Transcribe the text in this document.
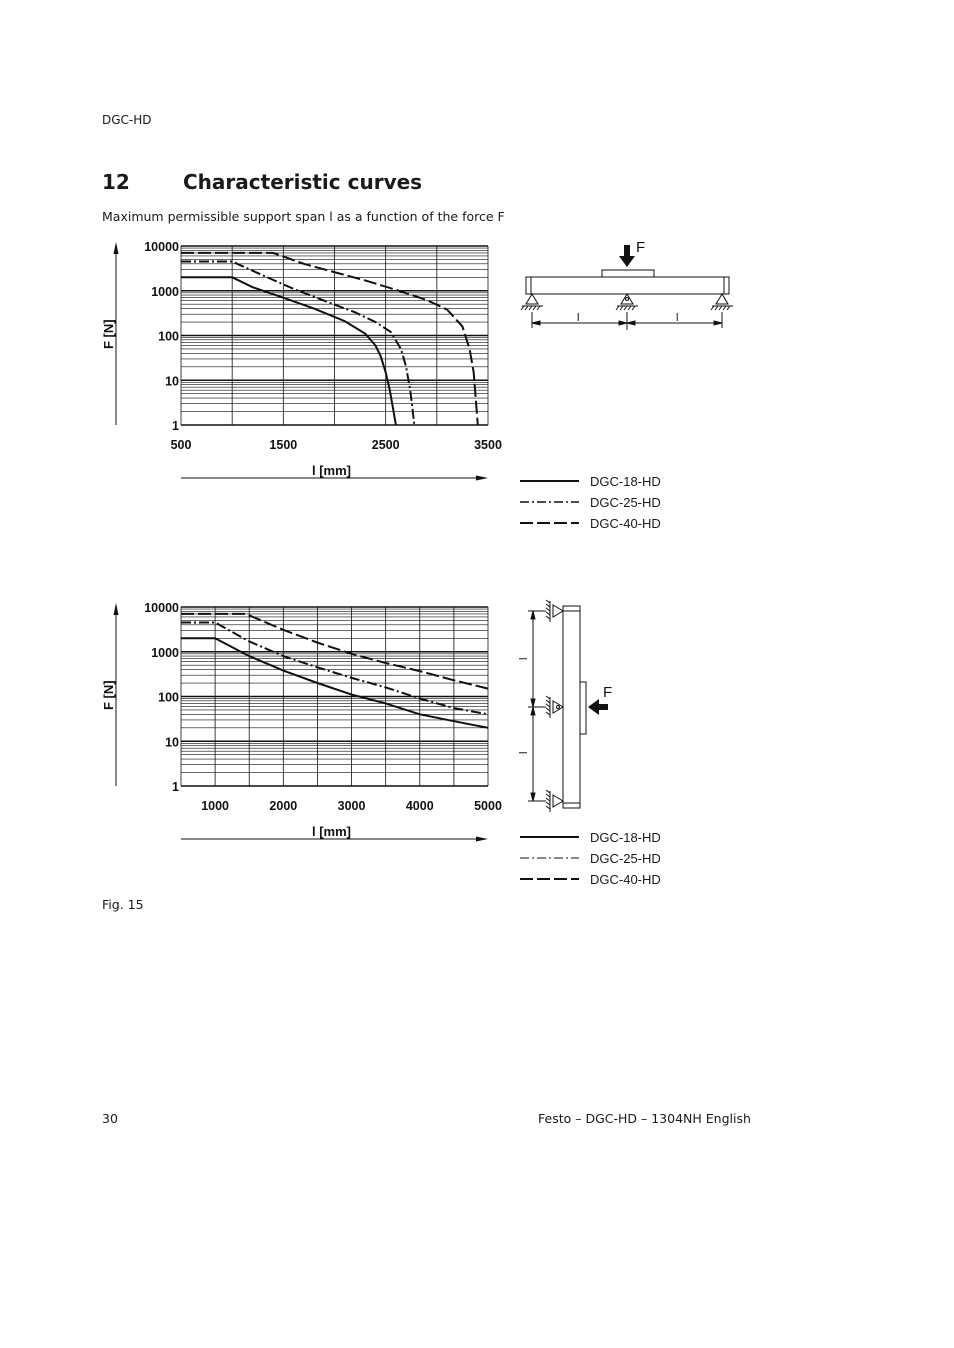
DGC-HD
12	Characteristic curves
Maximum permissible support span l as a function of the force F
1
10
100
1000
10000
500	1500	2500	3500
l [mm]
F [N]
1
10
100
1000
10000
1000	2000	3000	4000	5000
l [mm]
F [N]
DGC-18-HD
DGC-25-HD
DGC-40-HD
DGC-18-HD
DGC-25-HD
DGC-40-HD
F
l	l
F
l
l
Fig. 15
30	Festo – DGC-HD – 1304NH English
